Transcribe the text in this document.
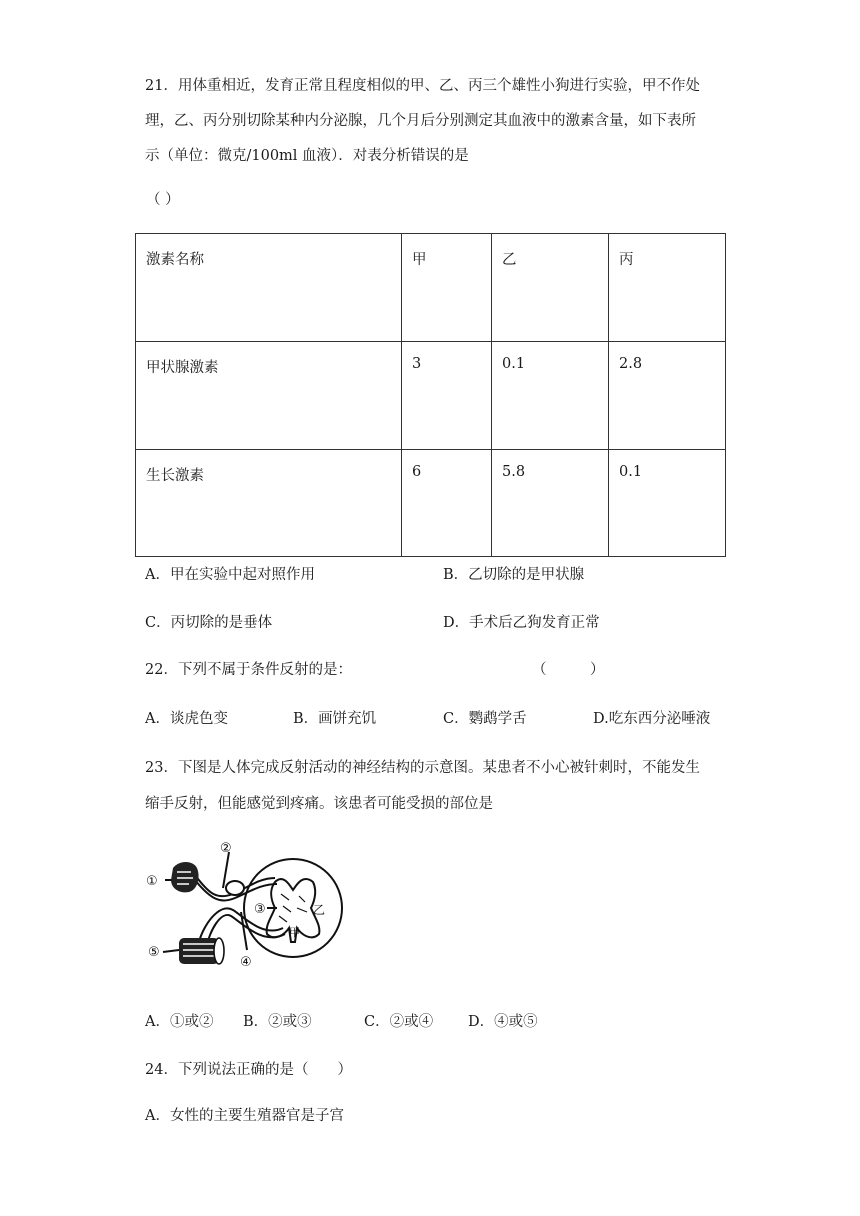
21．用体重相近，发育正常且程度相似的甲、乙、丙三个雄性小狗进行实验，甲不作处
理，乙、丙分别切除某种内分泌腺，几个月后分别测定其血液中的激素含量，如下表所
示（单位：微克/100ml 血液）．对表分析错误的是
（ ）
激素名称	甲	乙	丙
甲状腺激素	3	0.1	2.8
生长激素	6	5.8	0.1
A．甲在实验中起对照作用	B．乙切除的是甲状腺
C．丙切除的是垂体	D．手术后乙狗发育正常
22．下列不属于条件反射的是：	（　　　）
A．谈虎色变	B．画饼充饥	C．鹦鹉学舌	D.吃东西分泌唾液
23．下图是人体完成反射活动的神经结构的示意图。某患者不小心被针刺时，不能发生
缩手反射，但能感觉到疼痛。该患者可能受损的部位是
①
②
③
④
⑤
甲
乙
A．①或② B．②或③	C．②或④ D．④或⑤
24．下列说法正确的是（　　）
A．女性的主要生殖器官是子宫
